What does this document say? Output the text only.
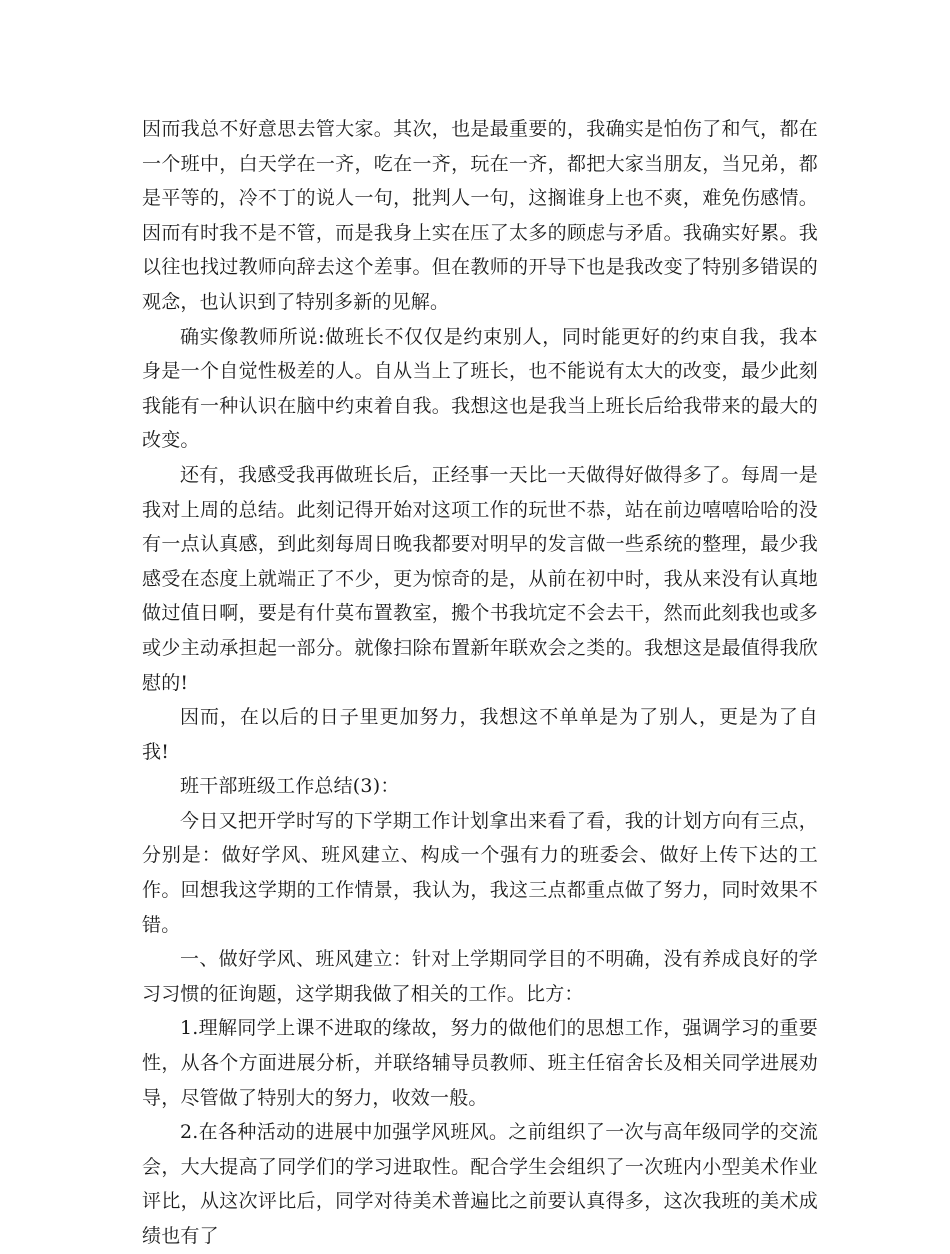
因而我总不好意思去管大家。其次，也是最重要的，我确实是怕伤了和气，都在一个班中，白天学在一齐，吃在一齐，玩在一齐，都把大家当朋友，当兄弟，都是平等的，冷不丁的说人一句，批判人一句，这搁谁身上也不爽，难免伤感情。因而有时我不是不管，而是我身上实在压了太多的顾虑与矛盾。我确实好累。我以往也找过教师向辞去这个差事。但在教师的开导下也是我改变了特别多错误的观念，也认识到了特别多新的见解。

确实像教师所说:做班长不仅仅是约束别人，同时能更好的约束自我，我本身是一个自觉性极差的人。自从当上了班长，也不能说有太大的改变，最少此刻我能有一种认识在脑中约束着自我。我想这也是我当上班长后给我带来的最大的改变。

还有，我感受我再做班长后，正经事一天比一天做得好做得多了。每周一是我对上周的总结。此刻记得开始对这项工作的玩世不恭，站在前边嘻嘻哈哈的没有一点认真感，到此刻每周日晚我都要对明早的发言做一些系统的整理，最少我感受在态度上就端正了不少，更为惊奇的是，从前在初中时，我从来没有认真地做过值日啊，要是有什莫布置教室，搬个书我坑定不会去干，然而此刻我也或多或少主动承担起一部分。就像扫除布置新年联欢会之类的。我想这是最值得我欣慰的!

因而，在以后的日子里更加努力，我想这不单单是为了别人，更是为了自我!

班干部班级工作总结(3)：

今日又把开学时写的下学期工作计划拿出来看了看，我的计划方向有三点，分别是：做好学风、班风建立、构成一个强有力的班委会、做好上传下达的工作。回想我这学期的工作情景，我认为，我这三点都重点做了努力，同时效果不错。

一、做好学风、班风建立：针对上学期同学目的不明确，没有养成良好的学习习惯的征询题，这学期我做了相关的工作。比方：

1.理解同学上课不进取的缘故，努力的做他们的思想工作，强调学习的重要性，从各个方面进展分析，并联络辅导员教师、班主任宿舍长及相关同学进展劝导，尽管做了特别大的努力，收效一般。

2.在各种活动的进展中加强学风班风。之前组织了一次与高年级同学的交流会，大大提高了同学们的学习进取性。配合学生会组织了一次班内小型美术作业评比，从这次评比后，同学对待美术普遍比之前要认真得多，这次我班的美术成绩也有了
